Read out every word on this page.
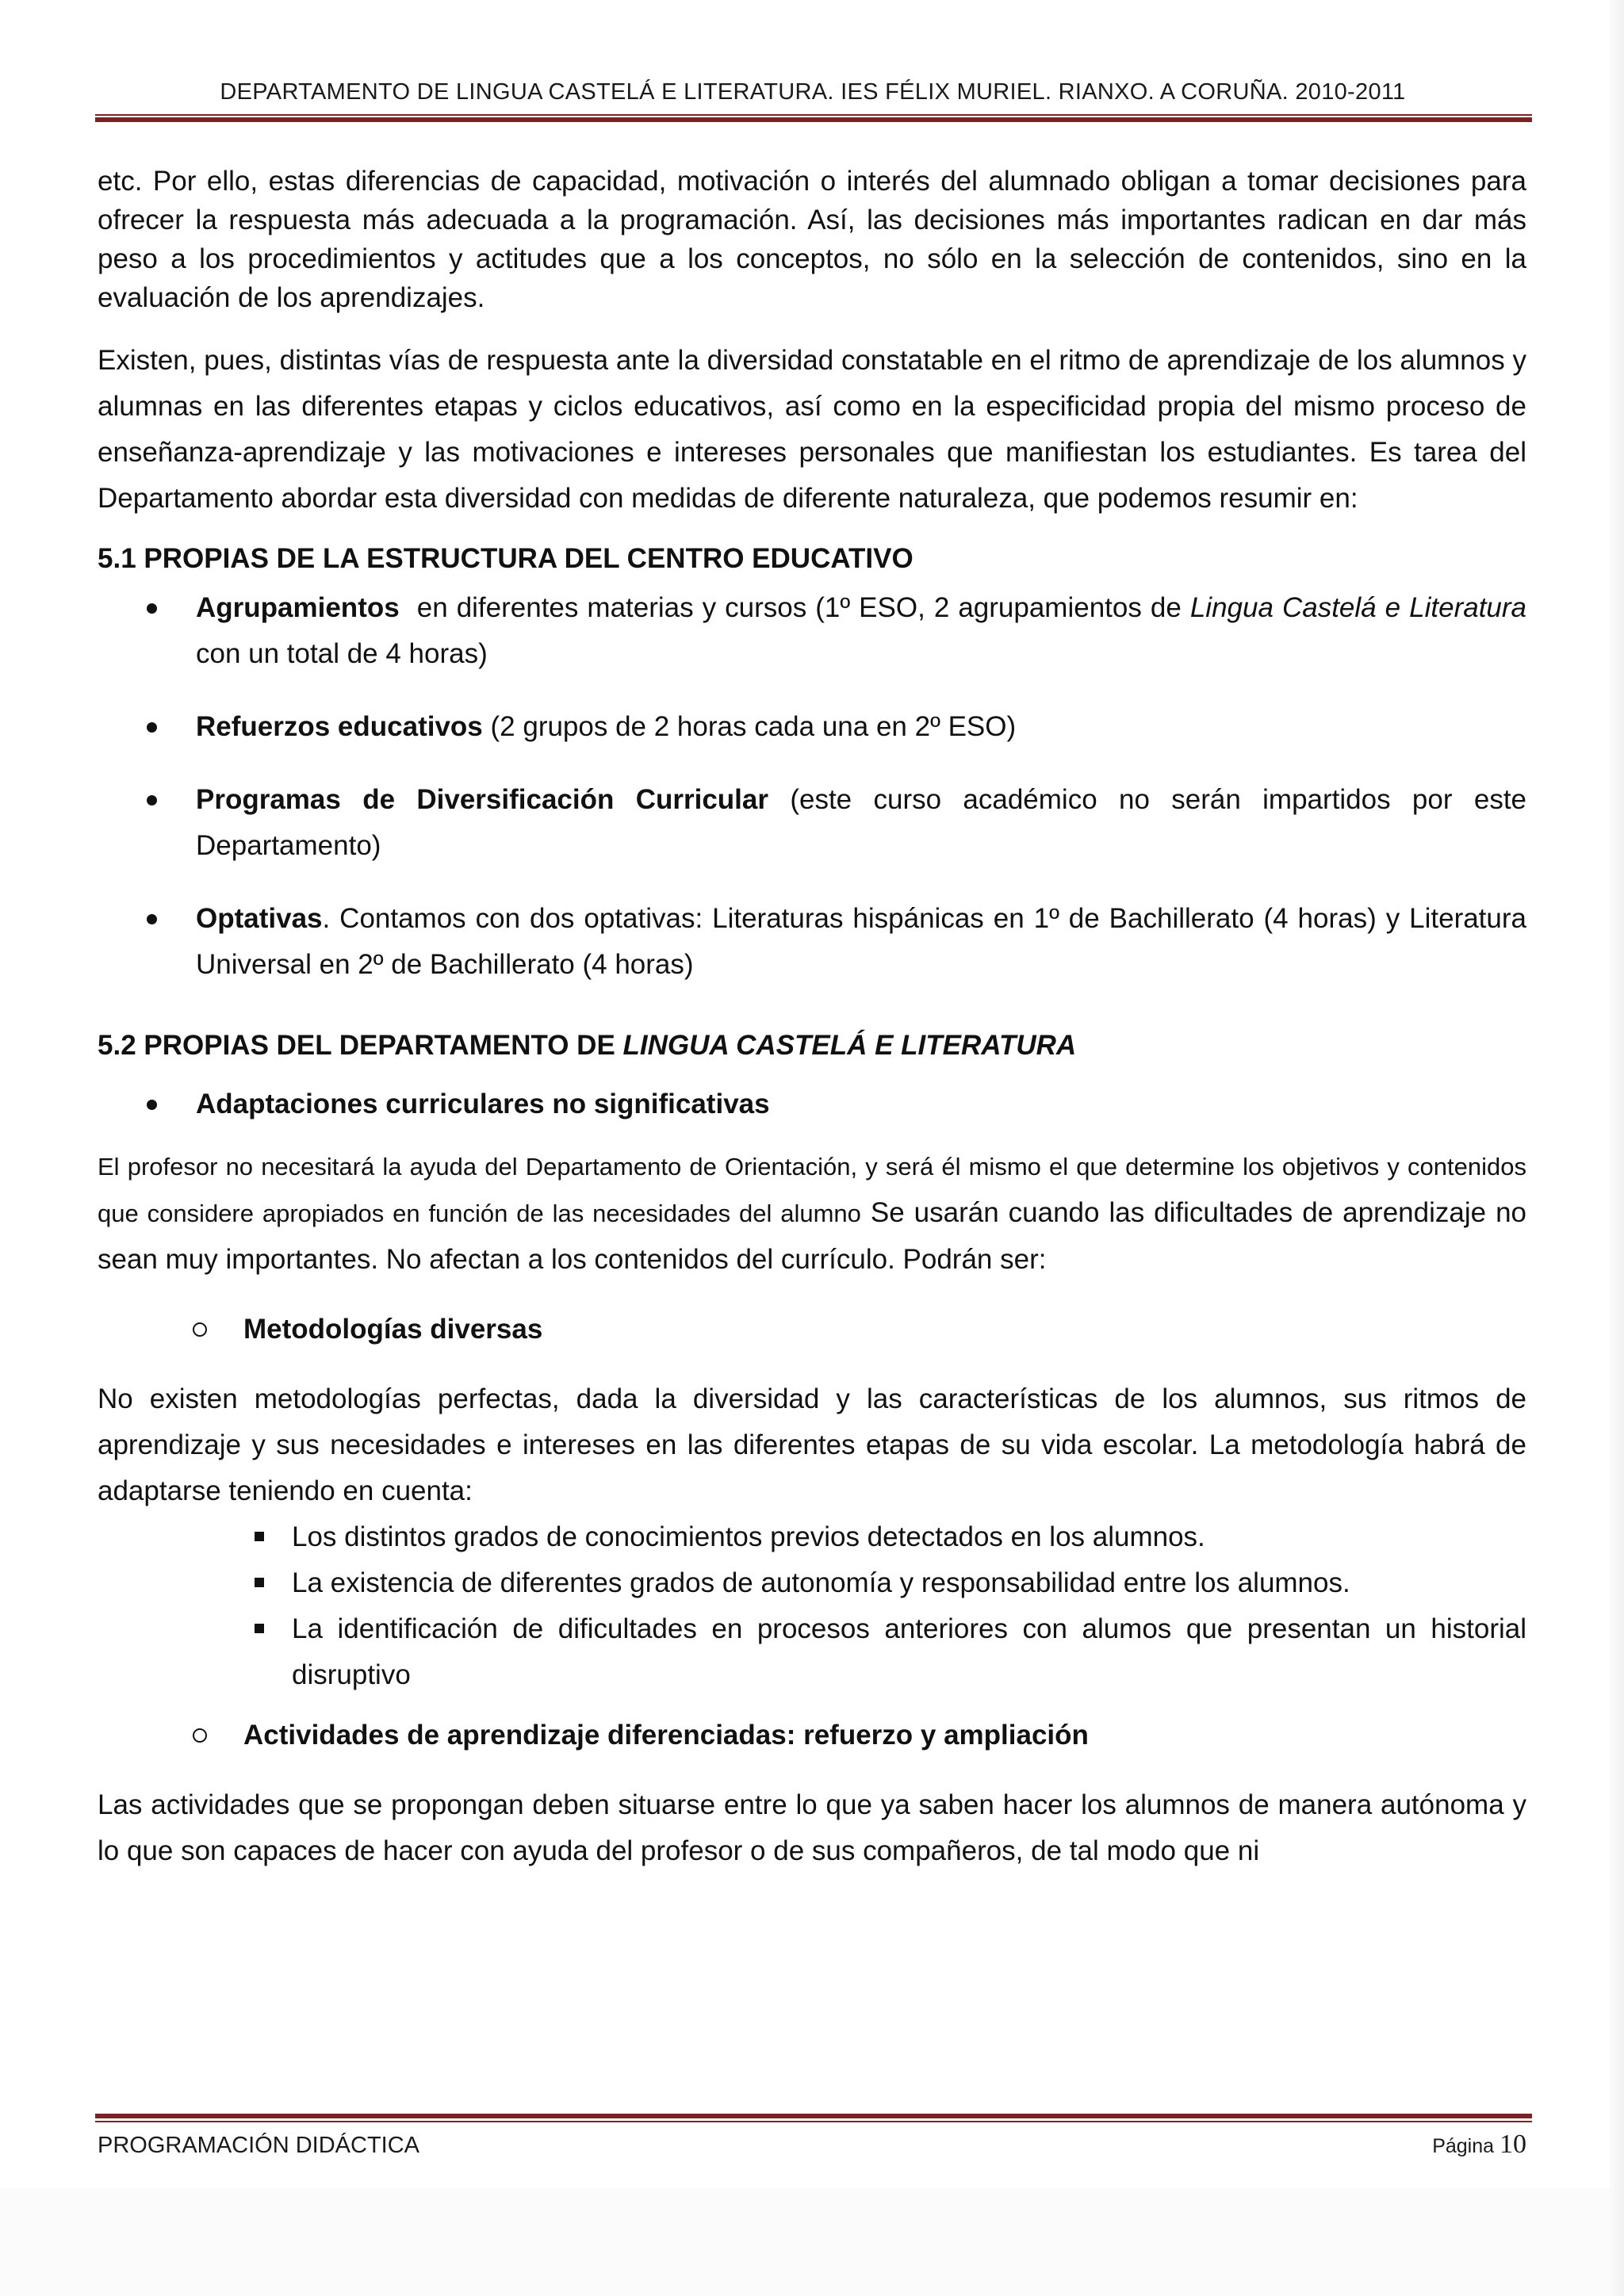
DEPARTAMENTO DE LINGUA CASTELÁ E LITERATURA. IES FÉLIX MURIEL. RIANXO. A CORUÑA. 2010-2011

etc. Por ello, estas diferencias de capacidad, motivación o interés del alumnado obligan a tomar decisiones para ofrecer la respuesta más adecuada a la programación. Así, las decisiones más importantes radican en dar más peso a los procedimientos y actitudes que a los conceptos, no sólo en la selección de contenidos, sino en la evaluación de los aprendizajes.

Existen, pues, distintas vías de respuesta ante la diversidad constatable en el ritmo de aprendizaje de los alumnos y alumnas en las diferentes etapas y ciclos educativos, así como en la especificidad propia del mismo proceso de enseñanza-aprendizaje y las motivaciones e intereses personales que manifiestan los estudiantes. Es tarea del Departamento abordar esta diversidad con medidas de diferente naturaleza, que podemos resumir en:

5.1 PROPIAS DE LA ESTRUCTURA DEL CENTRO EDUCATIVO
Agrupamientos  en diferentes materias y cursos (1º ESO, 2 agrupamientos de Lingua Castelá e Literatura con un total de 4 horas)
Refuerzos educativos (2 grupos de 2 horas cada una en 2º ESO)
Programas de Diversificación Curricular (este curso académico no serán impartidos por este Departamento)
Optativas. Contamos con dos optativas: Literaturas hispánicas en 1º de Bachillerato (4 horas) y Literatura Universal en 2º de Bachillerato (4 horas)
5.2 PROPIAS DEL DEPARTAMENTO DE LINGUA CASTELÁ E LITERATURA
Adaptaciones curriculares no significativas

El profesor no necesitará la ayuda del Departamento de Orientación, y será él mismo el que determine los objetivos y contenidos que considere apropiados en función de las necesidades del alumno Se usarán cuando las dificultades de aprendizaje no sean muy importantes. No afectan a los contenidos del currículo. Podrán ser:

Metodologías diversas

No existen metodologías perfectas, dada la diversidad y las características de los alumnos, sus ritmos de aprendizaje y sus necesidades e intereses en las diferentes etapas de su vida escolar. La metodología habrá de adaptarse teniendo en cuenta:

Los distintos grados de conocimientos previos detectados en los alumnos.
La existencia de diferentes grados de autonomía y responsabilidad entre los alumnos.
La identificación de dificultades en procesos anteriores con alumos que presentan un historial disruptivo
Actividades de aprendizaje diferenciadas: refuerzo y ampliación

Las actividades que se propongan deben situarse entre lo que ya saben hacer los alumnos de manera autónoma y lo que son capaces de hacer con ayuda del profesor o de sus compañeros, de tal modo que ni

PROGRAMACIÓN DIDÁCTICA	Página 10
